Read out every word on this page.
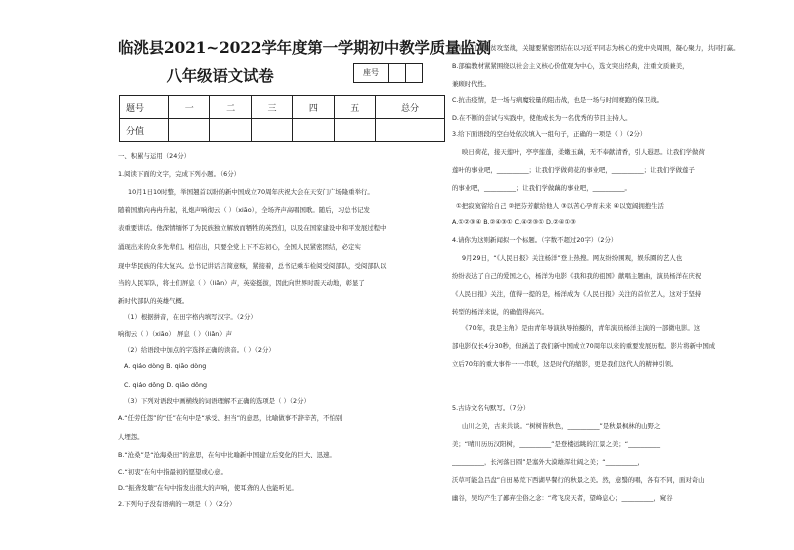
临洮县2021~2022学年度第一学期初中教学质量监测
八年级语文试卷	座号
题号	一	二	三	四	五	总分
分值						
一、积累与运用（24分）
1.阅读下面的文字，完成下列小题。（6分）
10月1日10时整，举国翘首以盼的新中国成立70周年庆祝大会在天安门广场隆重举行。
随着国旗向冉冉升起，礼炮声响彻云（ ）（xiāo），全场齐声高唱国歌。随后，习总书记发
表重要讲话。他深情缅怀了为民族独立解放而牺牲的英烈们，以及在国家建设中和平发展过程中
涌现出来的众多先辈们。相信出，只要全党上下不忘初心，全国人民紧密团结，必定实
现中华民族的伟大复兴。总书记讲话言简意赅，紧接着，总书记乘车检阅受阅部队，受阅部队以
当的人民军队，将士们屏息（ ）（liǎn）声，英姿挺拔，因此向世界时震天动地，彰显了
新时代部队的英雄气概。
（1）根据拼音，在田字格内填写汉字。（2分）
响彻云（ ）（xiāo） 屏息（ ）（liǎn）声
（2）给语段中加点的字选择正确的读音。（ ）（2分）
A. qiáo dòng B. qiāo dòng
C. qiáo dǒng D. qiāo dǒng
（3）下列对语段中画横线的词语理解不正确的选项是（ ）（2分）
A.“任劳任怨”的“任”在句中是“承受、担当”的意思，比喻做事不辞辛苦，不怕别
人埋怨。
B.“沧桑”是“沧海桑田”的意思，在句中比喻新中国建立后变化的巨大、迅速。
C.“初衷”在句中指最初的愿望或心意。
D.“振聋发聩”在句中指发出很大的声响，使耳聋的人也能听见。
2.下列句子没有语病的一项是（ ）（2分）
A.能否打赢脱贫攻坚战，关键要紧密团结在以习近平同志为核心的党中央周围，凝心聚力，共同打赢。
B.部编教材紧紧围绕以社会主义核心价值观为中心，选文突出经典，注重文质兼美，
兼顾时代性。
C.抗击疫情，是一场与病魔较量的阻击战，也是一场与时间赛跑的保卫战。
D.在不断的尝试与实践中，使他成长为一名优秀的节目主持人。
3.给下面语段的空白处依次填入一组句子，正确的一项是（ ）（2分）
映日荷花，接天莲叶，亭亭莲蓬，柔嫩玉藕，无不奉献清香，引人遐思。让我们学做荷
莲叶的事业吧，__________；让我们学做荷花的事业吧，__________；让我们学做莲子
的事业吧，__________；让我们学做藕的事业吧，__________。
①把寂寞留给自己 ②把芬芳献给他人 ③以苦心孕育未来 ④以宽阔拥抱生活
A.①②③④ B.②④③① C.④②③① D.②④①③
4.请你为这则新闻拟一个标题。（字数不超过20字）（2分）
9月29日，“《人民日报》关注杨洋”登上热搜。网友纷纷围观，娱乐圈的艺人也
纷纷表达了自己的爱国之心，杨洋为电影《我和我的祖国》献唱主题曲，演员杨洋在庆祝
《人民日报》关注，值得一提的是，杨洋成为《人民日报》关注的首位艺人，这对于坚持
转型的杨洋来说，的确值得高兴。
《70年，我是主角》是由青年导演执导拍摄的，青年演员杨洋主演的一部微电影。这
部电影仅长4分30秒，但涵盖了我们新中国成立70周年以来的重要发展历程。影片将新中国成
立后70年的重大事件一一串联，这是时代的缩影，更是我们这代人的精神引领。
5.古诗文名句默写。（7分）
山川之美，古来共谈。“树树皆秋色，__________”是秋景枫林的山野之
美；“晴川历历汉阳树，__________”是登楼远眺的江景之美；“__________
__________，长河落日圆”是塞外大漠雄浑壮阔之美；“__________，
沃草可能急吕盘”自田易荒下西湖早餐行的秋景之美。然，意翳的唱，各有不同，面对奇山
幽谷，吴均产生了鄙弃尘俗之念：“鸢飞戾天者，望峰息心；__________，窥谷
